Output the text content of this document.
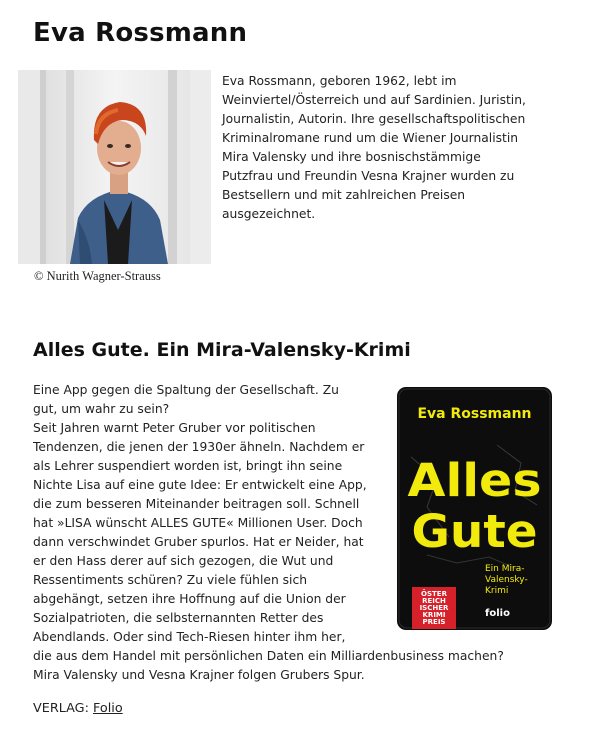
Eva Rossmann
© Nurith Wagner-Strauss

Eva Rossmann, geboren 1962, lebt im
Weinviertel/Österreich und auf Sardinien. Juristin,
Journalistin, Autorin. Ihre gesellschaftspolitischen
Kriminalromane rund um die Wiener Journalistin
Mira Valensky und ihre bosnischstämmige
Putzfrau und Freundin Vesna Krajner wurden zu
Bestsellern und mit zahlreichen Preisen
ausgezeichnet.

Alles Gute. Ein Mira-Valensky-Krimi

Eine App gegen die Spaltung der Gesellschaft. Zu
gut, um wahr zu sein?
Seit Jahren warnt Peter Gruber vor politischen
Tendenzen, die jenen der 1930er ähneln. Nachdem er
als Lehrer suspendiert worden ist, bringt ihn seine
Nichte Lisa auf eine gute Idee: Er entwickelt eine App,
die zum besseren Miteinander beitragen soll. Schnell
hat »LISA wünscht ALLES GUTE« Millionen User. Doch
dann verschwindet Gruber spurlos. Hat er Neider, hat
er den Hass derer auf sich gezogen, die Wut und
Ressentiments schüren? Zu viele fühlen sich
abgehängt, setzen ihre Hoffnung auf die Union der
Sozialpatrioten, die selbsternannten Retter des
Abendlands. Oder sind Tech-Riesen hinter ihm her,
die aus dem Handel mit persönlichen Daten ein Milliardenbusiness machen?
Mira Valensky und Vesna Krajner folgen Grubers Spur.

VERLAG: Folio
Eva Rossmann
Alles
Gute
Ein Mira-
Valensky-
Krimi
ÖSTER
REICH
ISCHER
KRIMI
PREIS
folio
